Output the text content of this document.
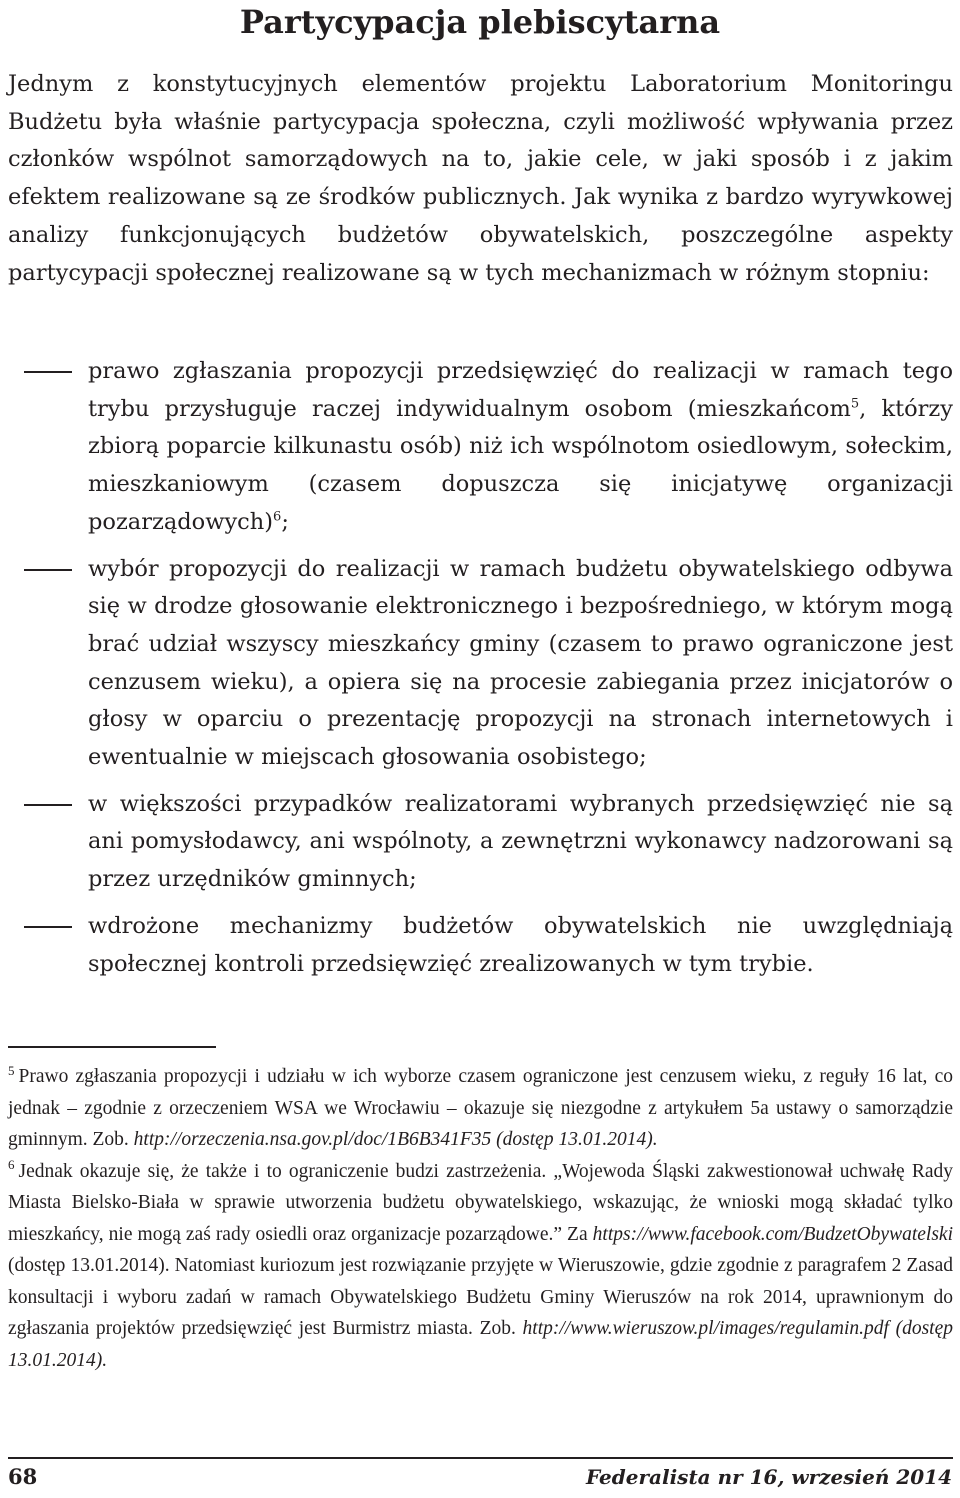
Partycypacja plebiscytarna

Jednym z konstytucyjnych elementów projektu Laboratorium Monitoringu Budżetu była właśnie partycypacja społeczna, czyli możliwość wpływania przez członków wspólnot samorządowych na to, jakie cele, w jaki sposób i z jakim efektem realizowane są ze środków publicznych. Jak wynika z bardzo wyrywkowej analizy funkcjonujących budżetów obywatelskich, poszczególne aspekty partycypacji społecznej realizowane są w tych mechanizmach w różnym stopniu:

prawo zgłaszania propozycji przedsięwzięć do realizacji w ramach tego trybu przysługuje raczej indywidualnym osobom (mieszkańcom$^5$, którzy zbiorą poparcie kilkunastu osób) niż ich wspólnotom osiedlowym, sołeckim, mieszkaniowym (czasem dopuszcza się inicjatywę organizacji pozarządowych)$^6$;
wybór propozycji do realizacji w ramach budżetu obywatelskiego odbywa się w drodze głosowanie elektronicznego i bezpośredniego, w którym mogą brać udział wszyscy mieszkańcy gminy (czasem to prawo ograniczone jest cenzusem wieku), a opiera się na procesie zabiegania przez inicjatorów o głosy w oparciu o prezentację propozycji na stronach internetowych i ewentualnie w miejscach głosowania osobistego;
w większości przypadków realizatorami wybranych przedsięwzięć nie są ani pomysłodawcy, ani wspólnoty, a zewnętrzni wykonawcy nadzorowani są przez urzędników gminnych;
wdrożone mechanizmy budżetów obywatelskich nie uwzględniają społecznej kontroli przedsięwzięć zrealizowanych w tym trybie.

$^5$ Prawo zgłaszania propozycji i udziału w ich wyborze czasem ograniczone jest cenzusem wieku, z reguły 16 lat, co jednak – zgodnie z orzeczeniem WSA we Wrocławiu – okazuje się niezgodne z artykułem 5a ustawy o samorządzie gminnym. Zob. http://orzeczenia.nsa.gov.pl/doc/1B6B341F35 (dostęp 13.01.2014).

$^6$ Jednak okazuje się, że także i to ograniczenie budzi zastrzeżenia. „Wojewoda Śląski zakwestionował uchwałę Rady Miasta Bielsko-Biała w sprawie utworzenia budżetu obywatelskiego, wskazując, że wnioski mogą składać tylko mieszkańcy, nie mogą zaś rady osiedli oraz organizacje pozarządowe.” Za https://www.facebook.com/BudzetObywatelski (dostęp 13.01.2014). Natomiast kuriozum jest rozwiązanie przyjęte w Wieruszowie, gdzie zgodnie z paragrafem 2 Zasad konsultacji i wyboru zadań w ramach Obywatelskiego Budżetu Gminy Wieruszów na rok 2014, uprawnionym do zgłaszania projektów przedsięwzięć jest Burmistrz miasta. Zob. http://www.wieruszow.pl/images/regulamin.pdf (dostęp 13.01.2014).

68	Federalista nr 16, wrzesień 2014
